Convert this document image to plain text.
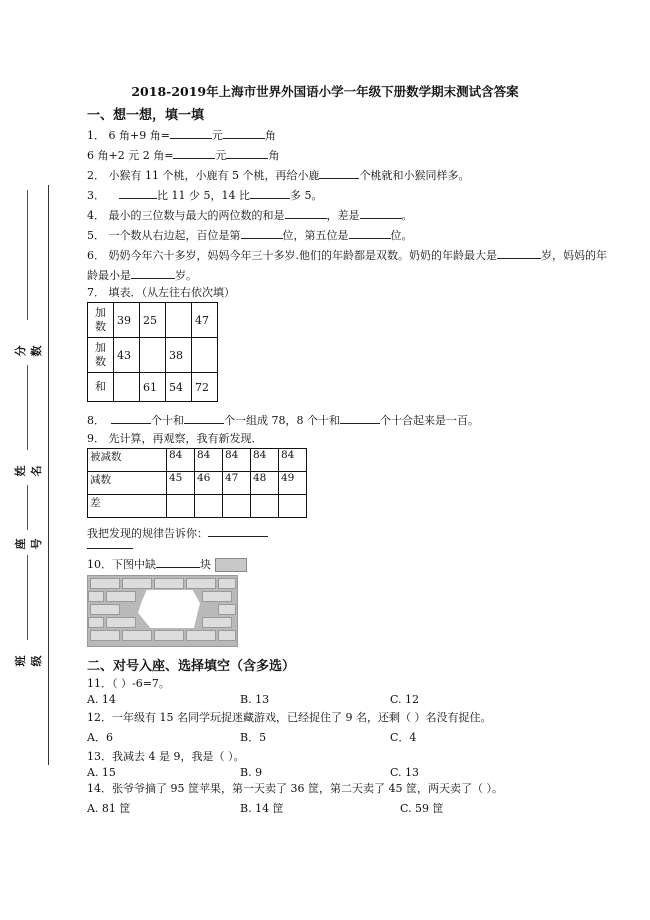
分数
姓名
座号
班级
2018-2019年上海市世界外国语小学一年级下册数学期末测试含答案
一、想一想，填一填
1． 6 角+9 角=	元	角
6 角+2 元 2 角=	元	角
2． 小猴有 11 个桃，小鹿有 5 个桃，再给小鹿	个桃就和小猴同样多。
3．	比 11 少 5，14 比	多 5。
4． 最小的三位数与最大的两位数的和是	，差是	。
5． 一个数从右边起，百位是第	位，第五位是	位。
6． 奶奶今年六十多岁，妈妈今年三十多岁.他们的年龄都是双数。奶奶的年龄最大是	岁，妈妈的年
龄最小是	岁。
7． 填表．（从左往右依次填）
加
数	39	25		47
加
数	43		38	
和		61	54	72
8．	个十和	个一组成 78，8 个十和	个十合起来是一百。
9． 先计算，再观察，我有新发现．
被减数	84	84	84	84	84
减数	45	46	47	48	49
差					
我把发现的规律告诉你：
10．下图中缺	块
二、对号入座、选择填空（含多选）
11．（ ）-6=7。
A. 14	B. 13	C. 12
12．一年级有 15 名同学玩捉迷藏游戏，已经捉住了 9 名，还剩（ ）名没有捉住。
A．6	B．5	C．4
13．我减去 4 是 9，我是（ ）。
A. 15	B. 9	C. 13
14．张爷爷摘了 95 筐苹果，第一天卖了 36 筐，第二天卖了 45 筐，两天卖了（ ）。
A. 81 筐	B. 14 筐	C. 59 筐
